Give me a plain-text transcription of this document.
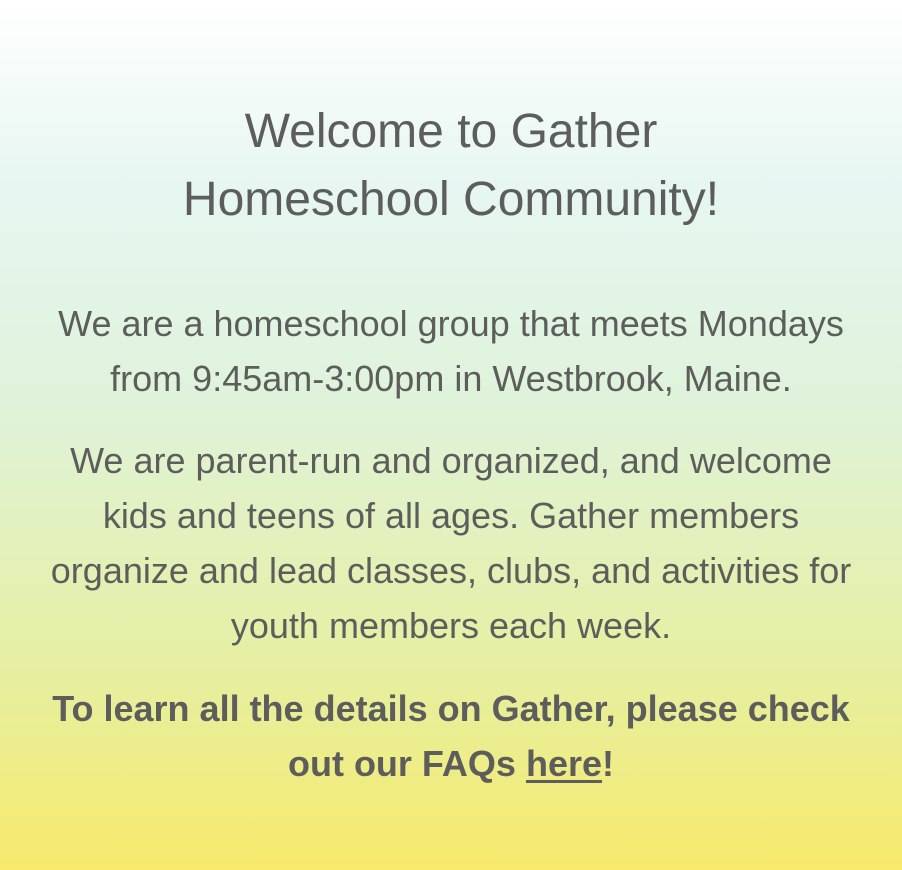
Welcome to Gather
Homeschool Community!

We are a homeschool group that meets Mondays
from 9:45am-3:00pm in Westbrook, Maine.

We are parent-run and organized, and welcome
kids and teens of all ages. Gather members
organize and lead classes, clubs, and activities for
youth members each week.

To learn all the details on Gather, please check
out our FAQs here!
